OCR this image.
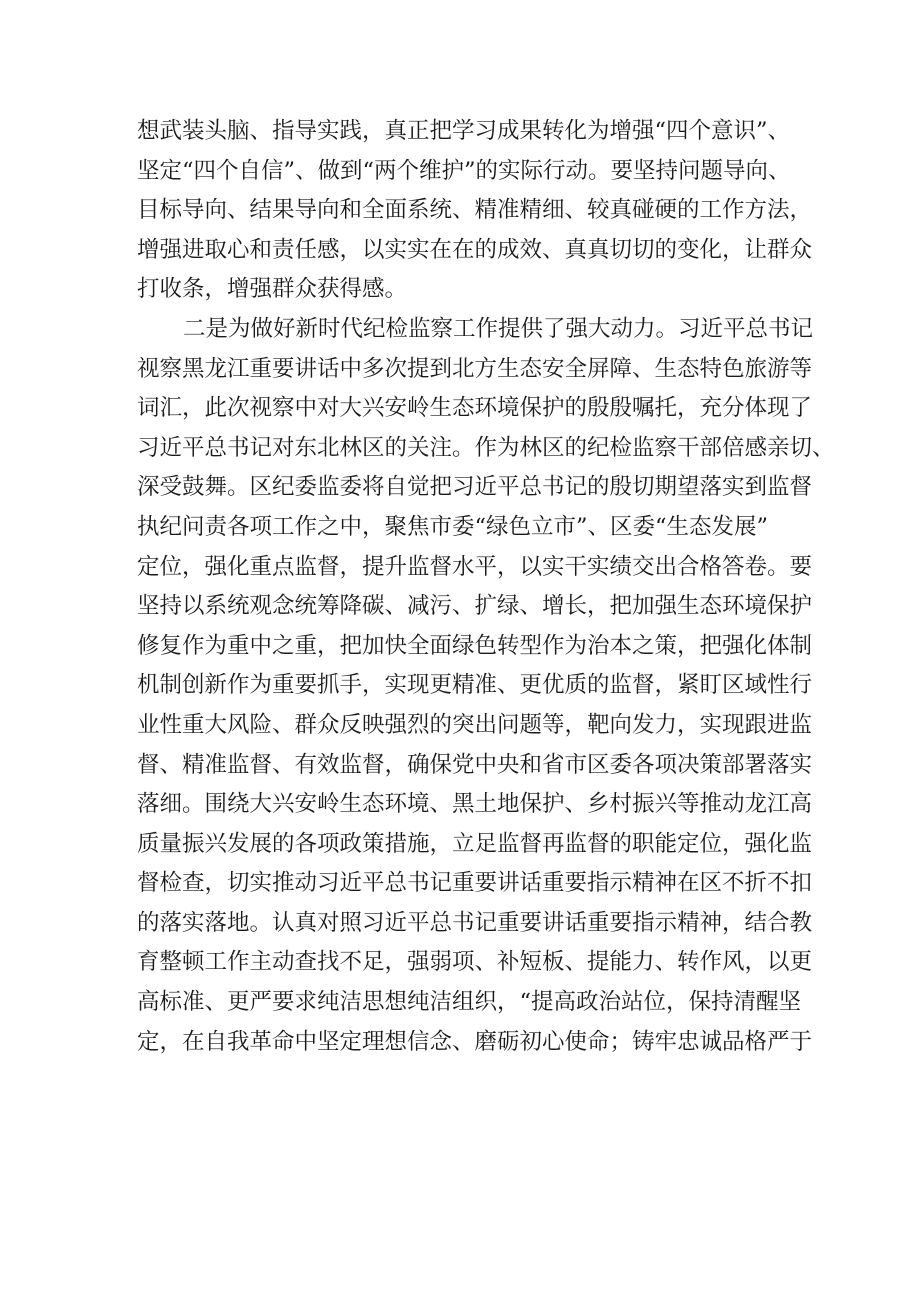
想武装头脑、指导实践，真正把学习成果转化为增强“四个意识”、
坚定“四个自信”、做到“两个维护”的实际行动。要坚持问题导向、
目标导向、结果导向和全面系统、精准精细、较真碰硬的工作方法，
增强进取心和责任感，以实实在在的成效、真真切切的变化，让群众
打收条，增强群众获得感。
二是为做好新时代纪检监察工作提供了强大动力。习近平总书记
视察黑龙江重要讲话中多次提到北方生态安全屏障、生态特色旅游等
词汇，此次视察中对大兴安岭生态环境保护的殷殷嘱托，充分体现了
习近平总书记对东北林区的关注。作为林区的纪检监察干部倍感亲切、
深受鼓舞。区纪委监委将自觉把习近平总书记的殷切期望落实到监督
执纪问责各项工作之中，聚焦市委“绿色立市”、区委“生态发展”
定位，强化重点监督，提升监督水平，以实干实绩交出合格答卷。要
坚持以系统观念统筹降碳、减污、扩绿、增长，把加强生态环境保护
修复作为重中之重，把加快全面绿色转型作为治本之策，把强化体制
机制创新作为重要抓手，实现更精准、更优质的监督，紧盯区域性行
业性重大风险、群众反映强烈的突出问题等，靶向发力，实现跟进监
督、精准监督、有效监督，确保党中央和省市区委各项决策部署落实
落细。围绕大兴安岭生态环境、黑土地保护、乡村振兴等推动龙江高
质量振兴发展的各项政策措施，立足监督再监督的职能定位，强化监
督检查，切实推动习近平总书记重要讲话重要指示精神在区不折不扣
的落实落地。认真对照习近平总书记重要讲话重要指示精神，结合教
育整顿工作主动查找不足，强弱项、补短板、提能力、转作风，以更
高标准、更严要求纯洁思想纯洁组织，“提高政治站位，保持清醒坚
定，在自我革命中坚定理想信念、磨砺初心使命；铸牢忠诚品格严于
